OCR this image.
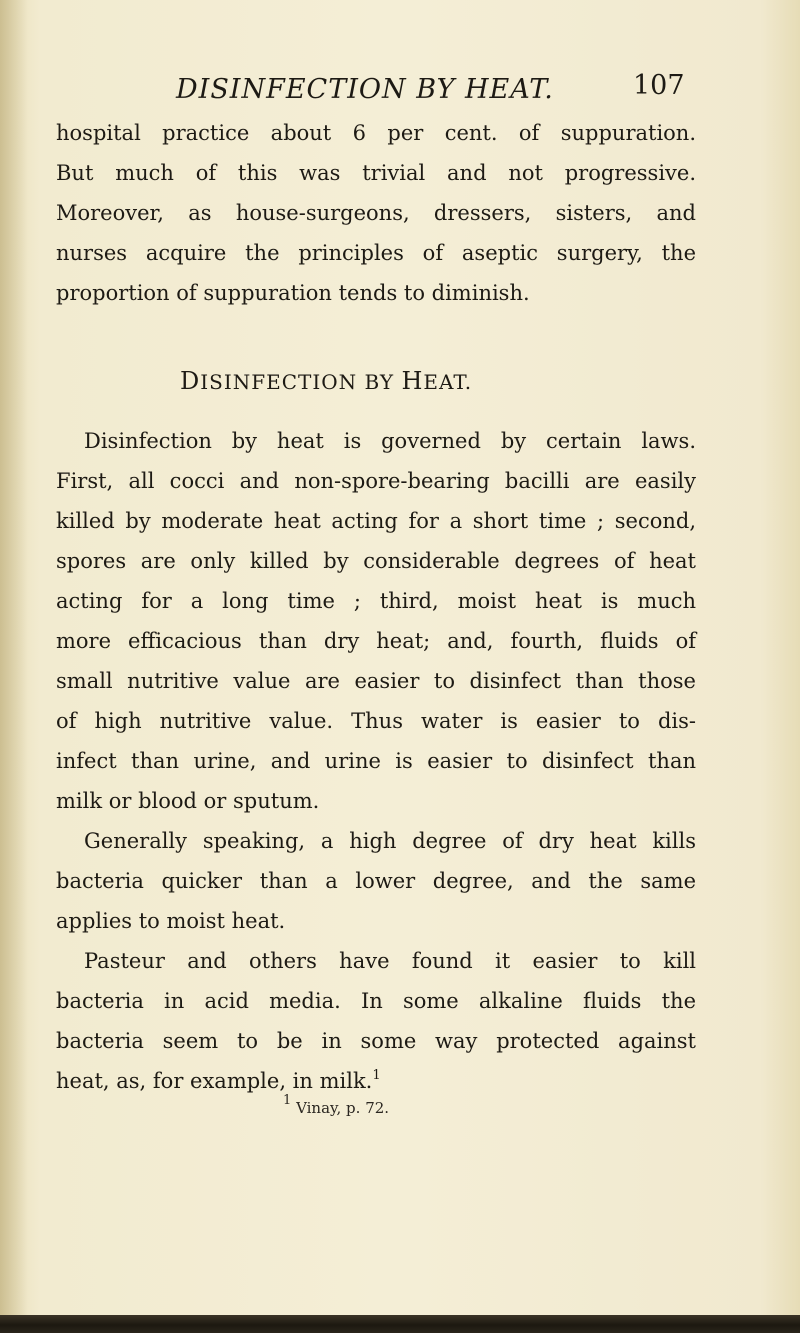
DISINFECTION BY HEAT.	107
hospital practice about 6 per cent. of suppuration.
But much of this was trivial and not progressive.
Moreover, as house-surgeons, dressers, sisters, and
nurses acquire the principles of aseptic surgery, the
proportion of suppuration tends to diminish.
DISINFECTION BY HEAT.
Disinfection by heat is governed by certain laws.
First, all cocci and non-spore-bearing bacilli are easily
killed by moderate heat acting for a short time ; second,
spores are only killed by considerable degrees of heat
acting for a long time ; third, moist heat is much
more efficacious than dry heat; and, fourth, fluids of
small nutritive value are easier to disinfect than those
of high nutritive value. Thus water is easier to dis-
infect than urine, and urine is easier to disinfect than
milk or blood or sputum.
Generally speaking, a high degree of dry heat kills
bacteria quicker than a lower degree, and the same
applies to moist heat.
Pasteur and others have found it easier to kill
bacteria in acid media. In some alkaline fluids the
bacteria seem to be in some way protected against
heat, as, for example, in milk.$^1$
$^1$ Vinay, p. 72.
